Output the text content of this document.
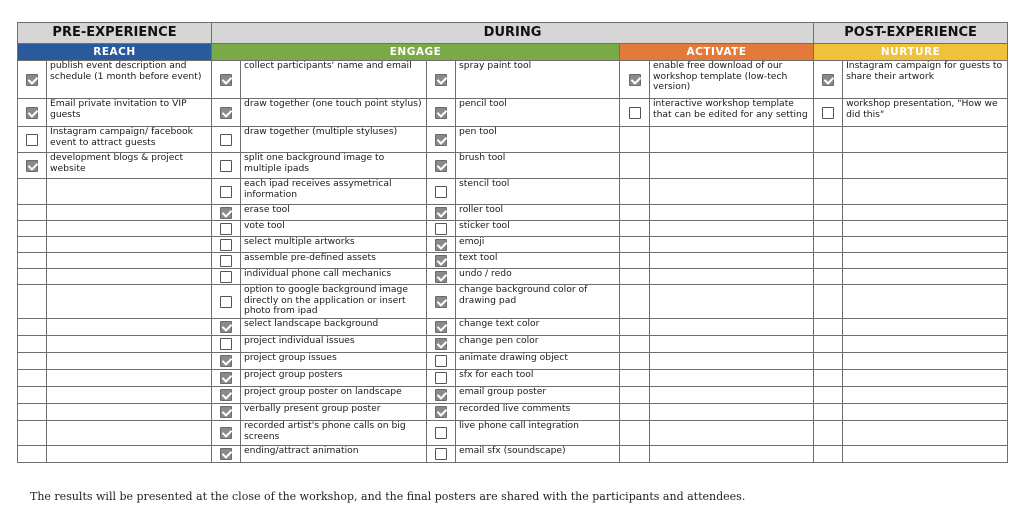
PRE-EXPERIENCE		DURING						POST-EXPERIENCE	
REACH		ENGAGE				ACTIVATE		NURTURE	
	publish event description and schedule (1 month before event)		collect participants' name and email		spray paint tool		enable free download of our workshop template (low-tech version)		Instagram campaign for guests to share their artwork
	Email private invitation to VIP guests		draw together (one touch point stylus)		pencil tool		interactive workshop template that can be edited for any setting		workshop presentation, "How we did this"
	Instagram campaign/ facebook event to attract guests		draw together (multiple styluses)		pen tool				
	development blogs & project website		split one background image to multiple ipads		brush tool				
			each ipad receives assymetrical information		stencil tool				
			erase tool		roller tool				
			vote tool		sticker tool				
			select multiple artworks		emoji				
			assemble pre-defined assets		text tool				
			individual phone call mechanics		undo / redo				
			option to google background image directly on the application or insert photo from ipad		change background color of drawing pad				
			select landscape background		change text color				
			project individual issues		change pen color				
			project group issues		animate drawing object				
			project group posters		sfx for each tool				
			project group poster on landscape		email group poster				
			verbally present group poster		recorded live comments				
			recorded artist's phone calls on big screens		live phone call integration				
			ending/attract animation		email sfx (soundscape)				
The results will be presented at the close of the workshop, and the final posters are shared with the participants and attendees.
